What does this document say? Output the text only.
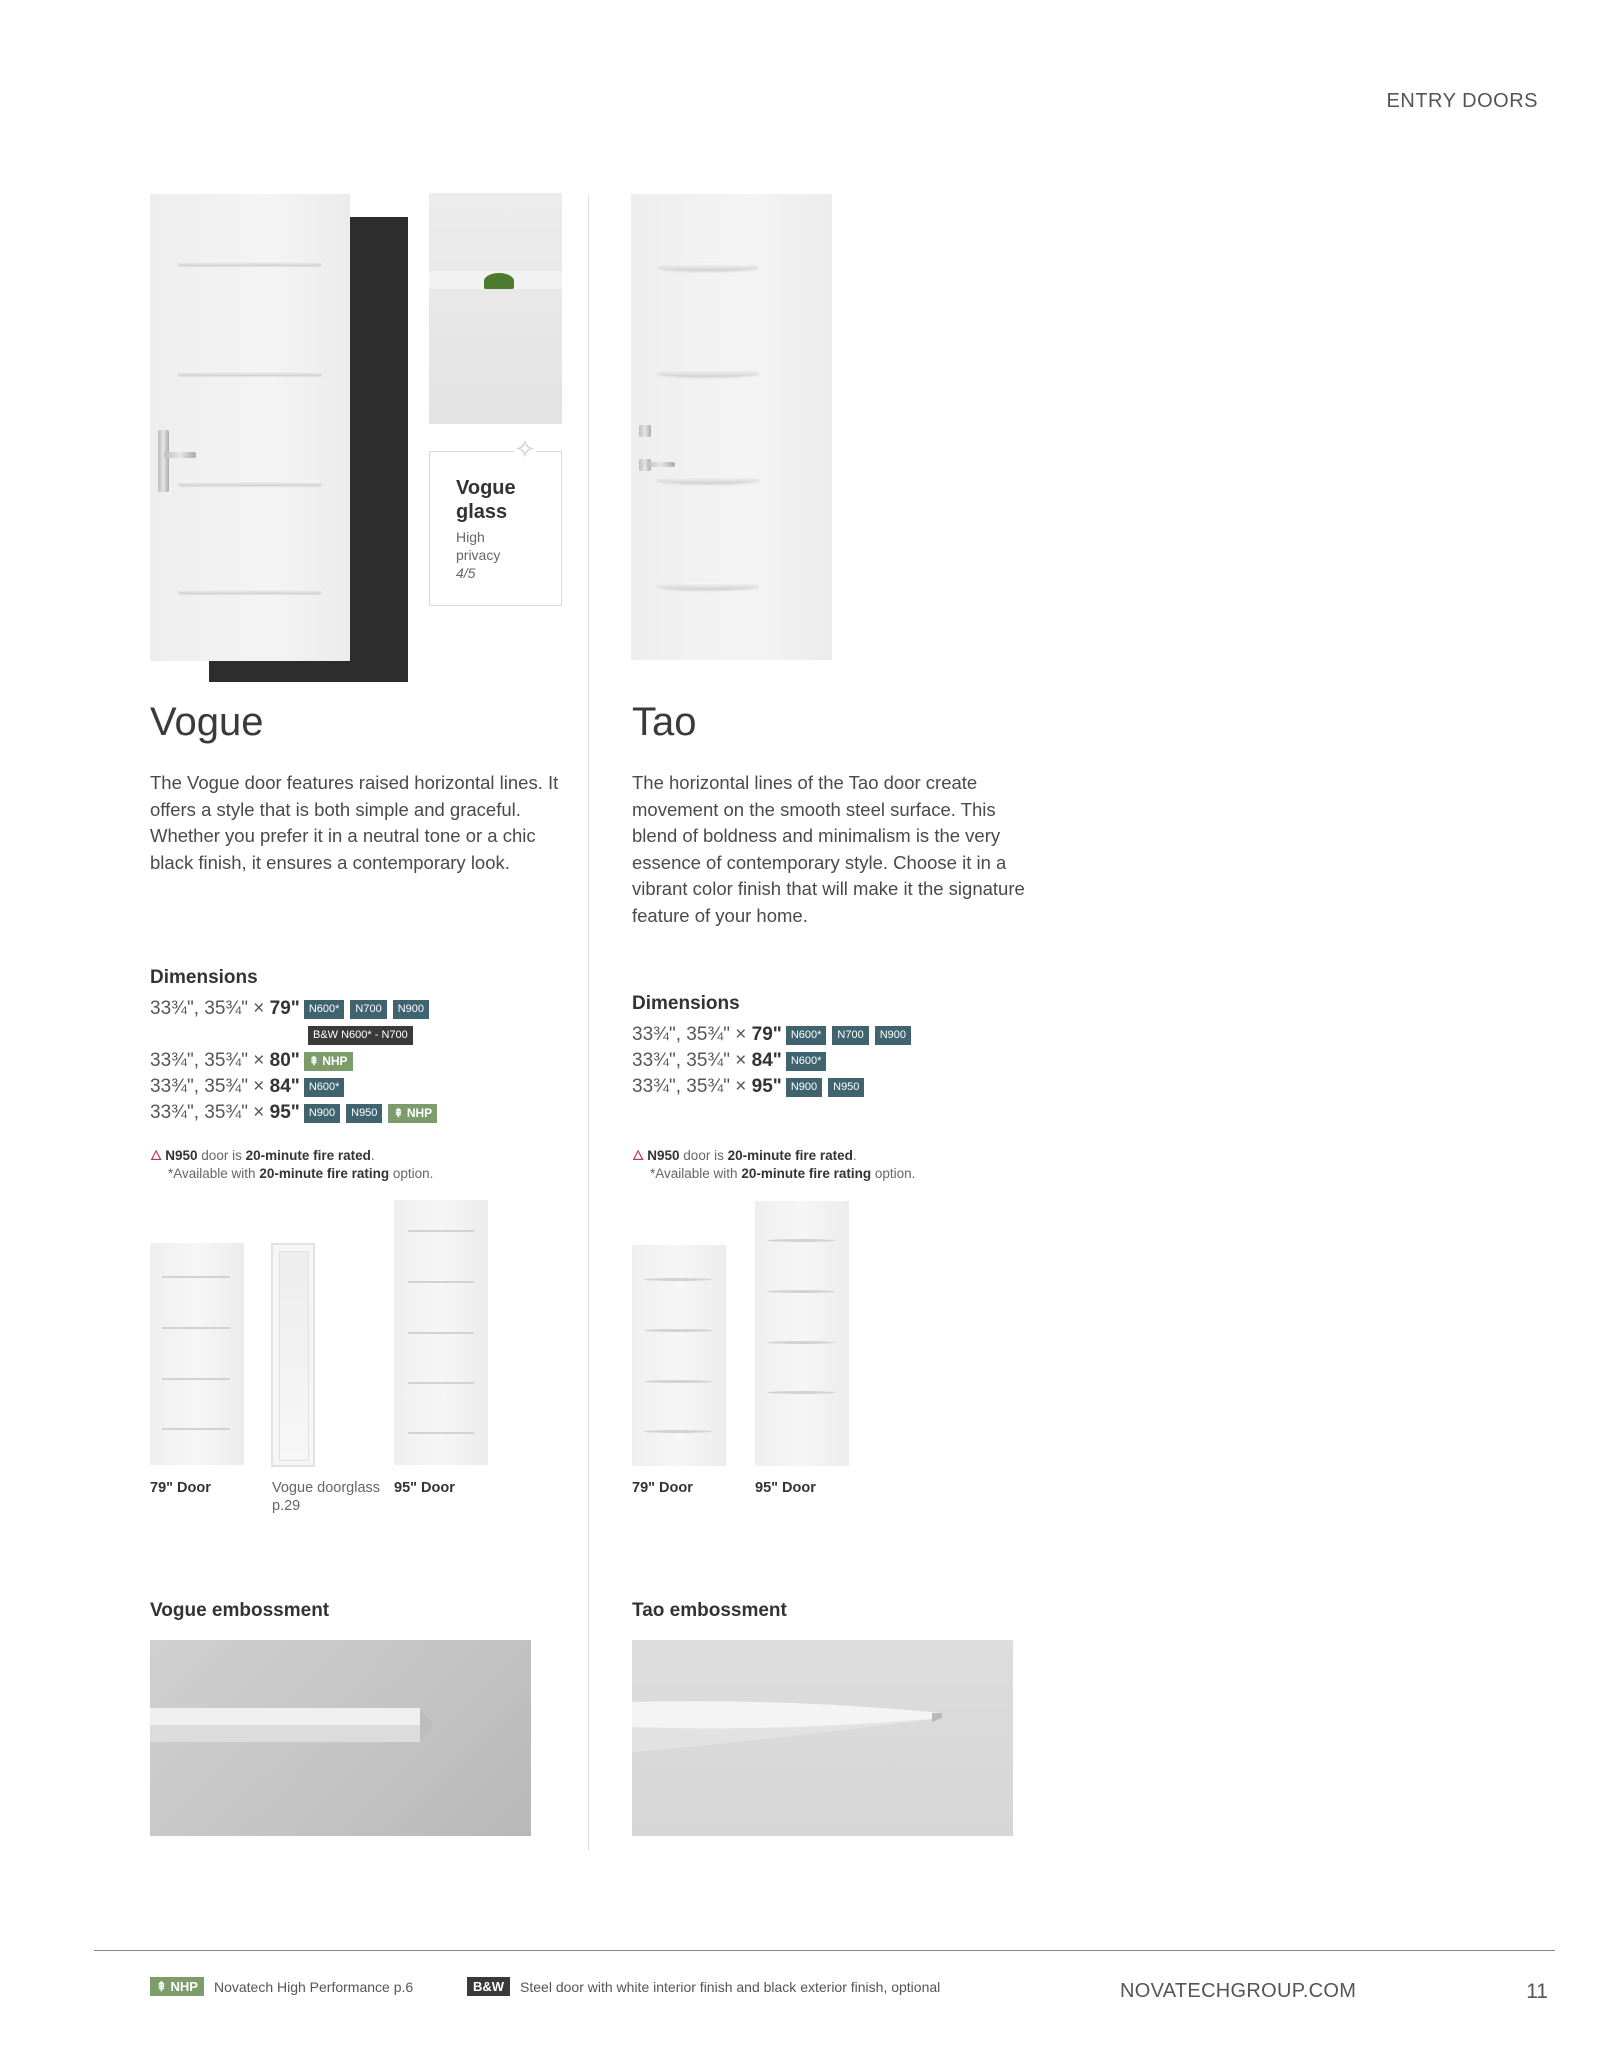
ENTRY DOORS
✧
Vogue glass
High privacy
4/5
Vogue
The Vogue door features raised horizontal lines. It offers a style that is both simple and graceful. Whether you prefer it in a neutral tone or a chic black finish, it ensures a contemporary look.
Dimensions
33¾", 35¾" × 79" N600*	N700	N900
B&W N600* - N700
33¾", 35¾" × 80" ⇞ NHP
33¾", 35¾" × 84" N600*
33¾", 35¾" × 95" N900	N950	⇞ NHP
🜂 N950 door is 20-minute fire rated.
*Available with 20-minute fire rating option.
79" Door	Vogue doorglass p.29
95" Door
Vogue embossment
Tao
The horizontal lines of the Tao door create movement on the smooth steel surface. This blend of boldness and minimalism is the very essence of contemporary style. Choose it in a vibrant color finish that will make it the signature feature of your home.
Dimensions
33¾", 35¾" × 79" N600*	N700	N900
33¾", 35¾" × 84" N600*
33¾", 35¾" × 95" N900	N950
🜂 N950 door is 20-minute fire rated.
*Available with 20-minute fire rating option.
79" Door	95" Door
Tao embossment
⇞ NHP	Novatech High Performance p.6	B&W	Steel door with white interior finish and black exterior finish, optional	NOVATECHGROUP.COM	11
